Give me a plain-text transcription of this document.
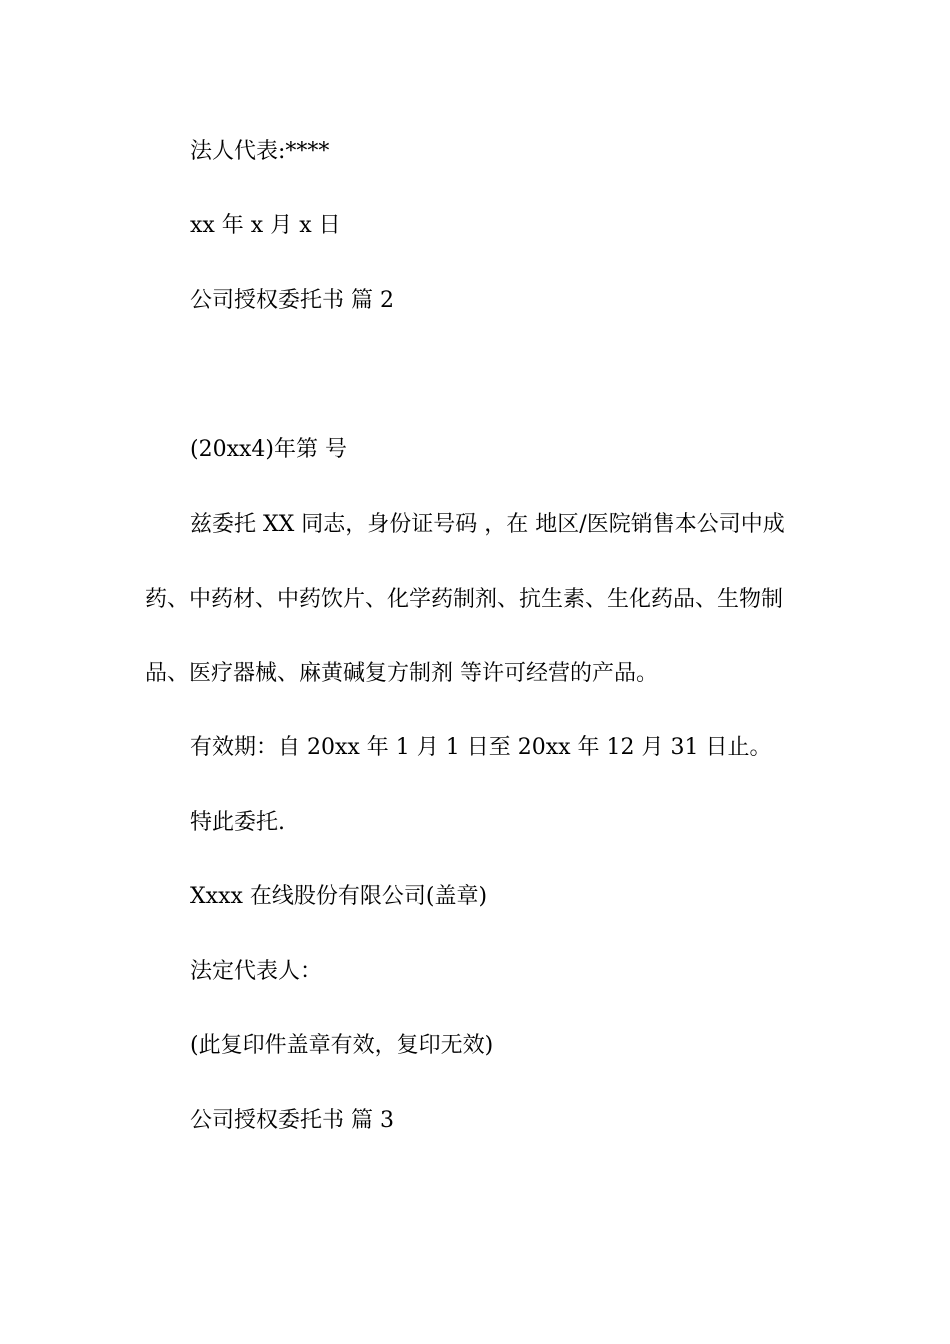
法人代表:****
xx 年 x 月 x 日
公司授权委托书 篇 2
(20xx4)年第 号
兹委托 XX 同志，身份证号码 ，在 地区/医院销售本公司中成
药、中药材、中药饮片、化学药制剂、抗生素、生化药品、生物制
品、医疗器械、麻黄碱复方制剂 等许可经营的产品。
有效期：自 20xx 年 1 月 1 日至 20xx 年 12 月 31 日止。
特此委托.
Xxxx 在线股份有限公司(盖章)
法定代表人：
(此复印件盖章有效，复印无效)
公司授权委托书 篇 3
